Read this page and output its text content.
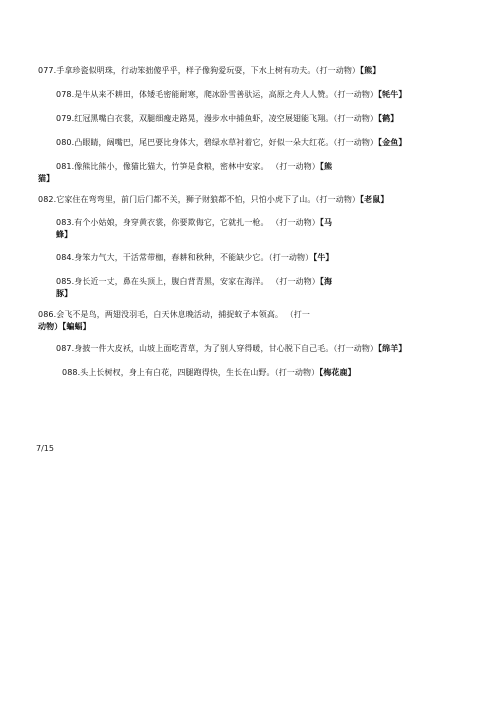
077.手拿珍瓷似明珠，行动笨拙傻乎乎，样子像狗爱玩耍，下水上树有功夫。（打一动物）【熊】
078.是牛从来不耕田，体矮毛密能耐寒，爬冰卧雪善驮运，高原之舟人人赞。（打一动物）【牦牛】
079.红冠黑嘴白衣裳，双腿细瘦走路晃，漫步水中捕鱼虾，凌空展翅能飞翔。（打一动物）【鹤】
080.凸眼睛，阔嘴巴，尾巴要比身体大，碧绿水草衬着它，好似一朵大红花。（打一动物）【金鱼】
081.像熊比熊小，像猫比猫大，竹笋是食粮，密林中安家。 （打一动物）【熊
猫】
082.它家住在弯弯里，前门后门都不关，狮子财狼都不怕，只怕小虎下了山。（打一动物）【老鼠】
083.有个小姑娘，身穿黄衣裳，你要欺侮它，它就扎一枪。 （打一动物）【马
蜂】
084.身笨力气大，干活常带枷，春耕和秋种，不能缺少它。（打一动物）【牛】
085.身长近一丈，鼻在头顶上，腹白背青黑，安家在海洋。 （打一动物）【海
豚】
086.会飞不是鸟，两翅没羽毛，白天休息晚活动，捕捉蚊子本领高。 （打一
动物）【蝙蝠】
087.身披一件大皮袄，山坡上面吃青草，为了别人穿得暖，甘心脱下自己毛。（打一动物）【绵羊】
088.头上长树杈，身上有白花，四腿跑得快，生长在山野。（打一动物）【梅花鹿】
7/15
